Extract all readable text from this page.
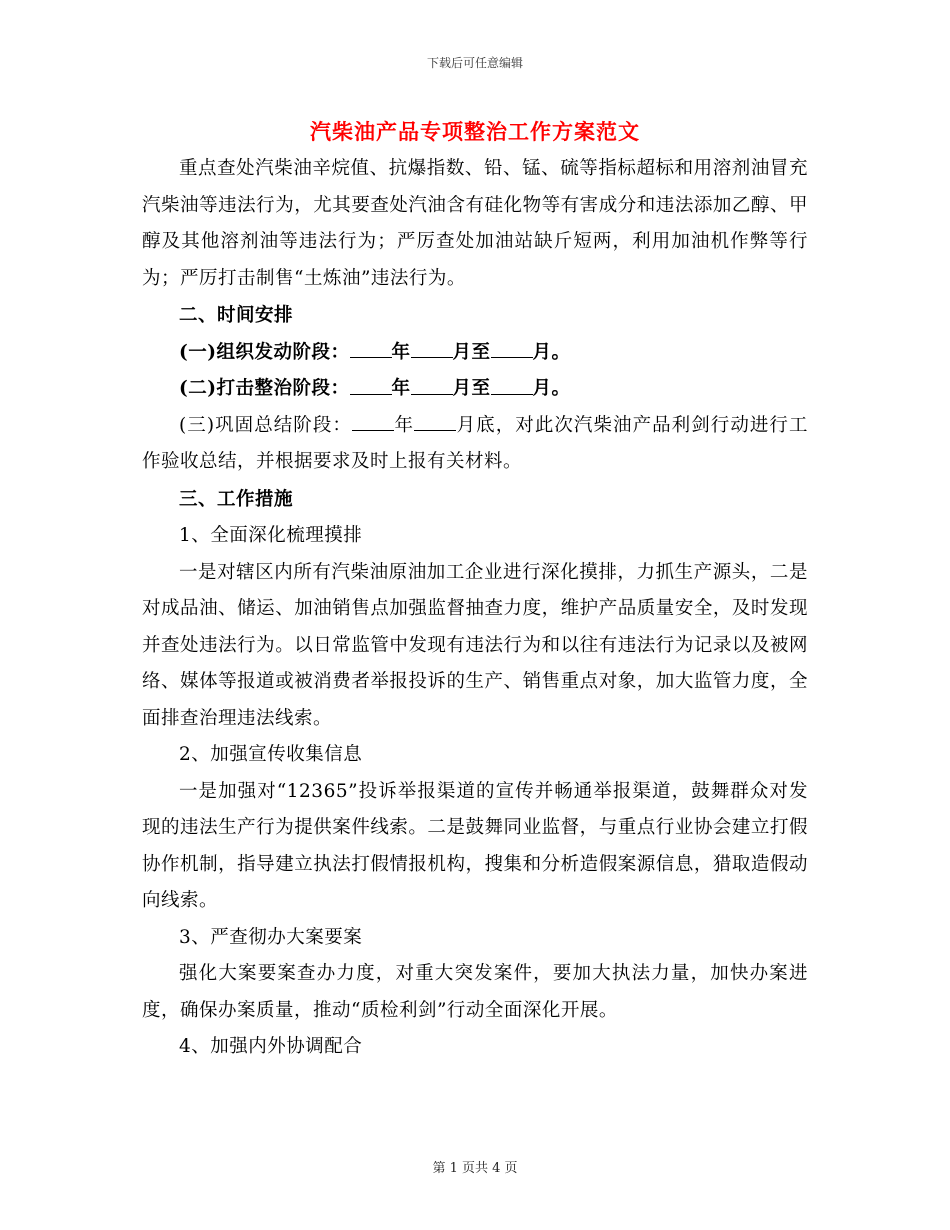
下载后可任意编辑
汽柴油产品专项整治工作方案范文

重点查处汽柴油辛烷值、抗爆指数、铅、锰、硫等指标超标和用溶剂油冒充汽柴油等违法行为，尤其要查处汽油含有硅化物等有害成分和违法添加乙醇、甲醇及其他溶剂油等违法行为；严厉查处加油站缺斤短两，利用加油机作弊等行为；严厉打击制售“土炼油”违法行为。

二、时间安排

(一)组织发动阶段： 年 月至 月。

(二)打击整治阶段： 年 月至 月。

(三)巩固总结阶段： 年 月底，对此次汽柴油产品利剑行动进行工作验收总结，并根据要求及时上报有关材料。

三、工作措施

1、全面深化梳理摸排

一是对辖区内所有汽柴油原油加工企业进行深化摸排，力抓生产源头，二是对成品油、储运、加油销售点加强监督抽查力度，维护产品质量安全，及时发现并查处违法行为。以日常监管中发现有违法行为和以往有违法行为记录以及被网络、媒体等报道或被消费者举报投诉的生产、销售重点对象，加大监管力度，全面排查治理违法线索。

2、加强宣传收集信息

一是加强对“12365”投诉举报渠道的宣传并畅通举报渠道，鼓舞群众对发现的违法生产行为提供案件线索。二是鼓舞同业监督，与重点行业协会建立打假协作机制，指导建立执法打假情报机构，搜集和分析造假案源信息，猎取造假动向线索。

3、严查彻办大案要案

强化大案要案查办力度，对重大突发案件，要加大执法力量，加快办案进度，确保办案质量，推动“质检利剑”行动全面深化开展。

4、加强内外协调配合

第 1 页共 4 页
